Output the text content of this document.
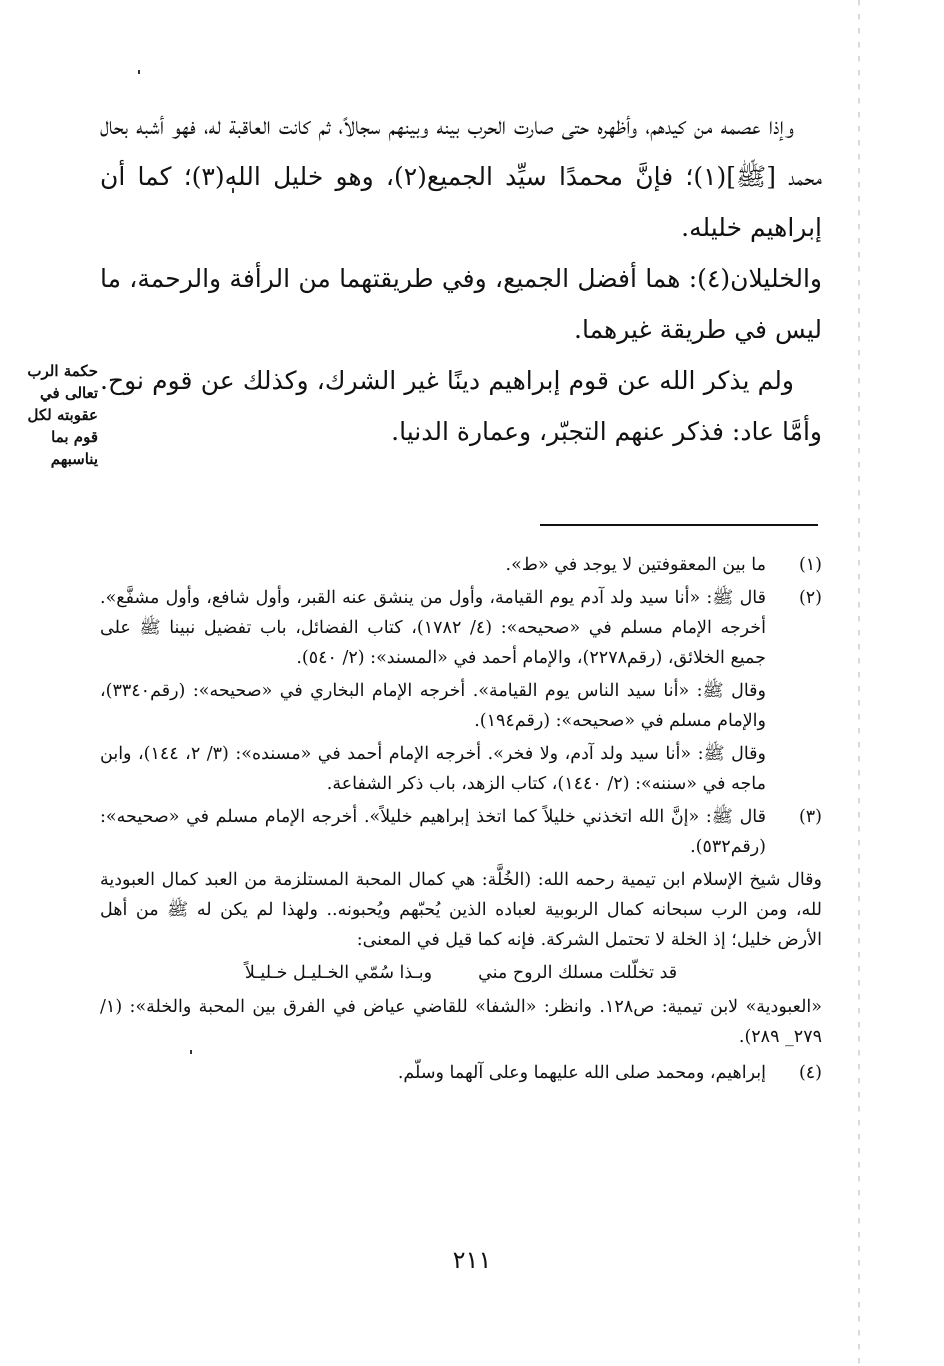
وإذا عصمه من كيدهم، وأظهره حتى صارت الحرب بينه وبينهم سجالاً، ثم كانت العاقبة له، فهو أشبه بحال محمد [ﷺ](١)؛ فإنَّ محمدًا سيِّد الجميع(٢)، وهو خليل الله(٣)؛ كما أن إبراهيم خليله.

والخليلان(٤): هما أفضل الجميع، وفي طريقتهما من الرأفة والرحمة، ما ليس في طريقة غيرهما.

ولم يذكر الله عن قوم إبراهيم دينًا غير الشرك، وكذلك عن قوم نوح. وأمَّا عاد: فذكر عنهم التجبّر، وعمارة الدنيا.

حكمة الرب تعالى في عقوبته لكل قوم بما يناسبهم
(١)

ما بين المعقوفتين لا يوجد في «ط».

(٢)

قال ﷺ: «أنا سيد ولد آدم يوم القيامة، وأول من ينشق عنه القبر، وأول شافع، وأول مشفَّع». أخرجه الإمام مسلم في «صحيحه»: (٤/ ١٧٨٢)، كتاب الفضائل، باب تفضيل نبينا ﷺ على جميع الخلائق، (رقم٢٢٧٨)، والإمام أحمد في «المسند»: (٢/ ٥٤٠).

وقال ﷺ: «أنا سيد الناس يوم القيامة». أخرجه الإمام البخاري في «صحيحه»: (رقم٣٣٤٠)، والإمام مسلم في «صحيحه»: (رقم١٩٤).

وقال ﷺ: «أنا سيد ولد آدم، ولا فخر». أخرجه الإمام أحمد في «مسنده»: (٣/ ٢، ١٤٤)، وابن ماجه في «سننه»: (٢/ ١٤٤٠)، كتاب الزهد، باب ذكر الشفاعة.

(٣)

قال ﷺ: «إنَّ الله اتخذني خليلاً كما اتخذ إبراهيم خليلاً». أخرجه الإمام مسلم في «صحيحه»: (رقم٥٣٢).

وقال شيخ الإسلام ابن تيمية رحمه الله: (الخُلَّة: هي كمال المحبة المستلزمة من العبد كمال العبودية لله، ومن الرب سبحانه كمال الربوبية لعباده الذين يُحبّهم ويُحبونه.. ولهذا لم يكن له ﷺ من أهل الأرض خليل؛ إذ الخلة لا تحتمل الشركة. فإنه كما قيل في المعنى:

قد تخلّلت مسلك الروح مني
وبـذا سُمّي الخـليـل خـليـلاً

«العبودية» لابن تيمية: ص١٢٨. وانظر: «الشفا» للقاضي عياض في الفرق بين المحبة والخلة»: (١/ ٢٧٩_ ٢٨٩).

(٤)

إبراهيم، ومحمد صلى الله عليهما وعلى آلهما وسلّم.

٢١١
